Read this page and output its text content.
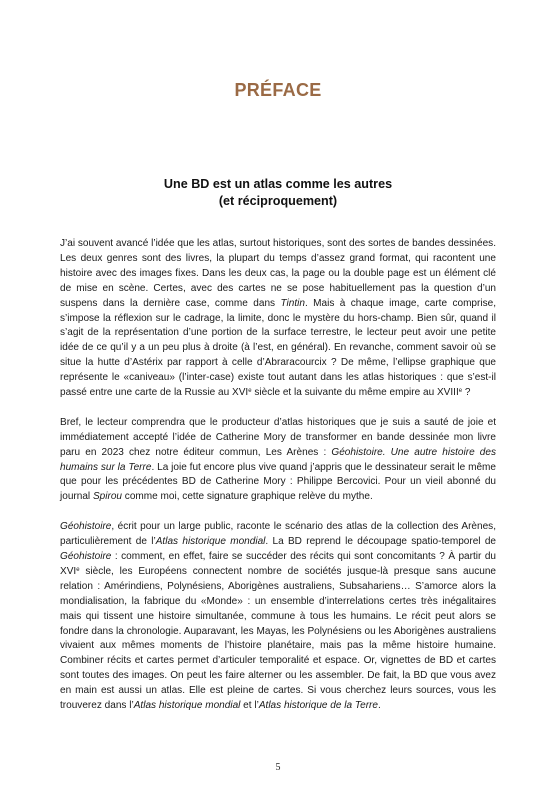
PRÉFACE
Une BD est un atlas comme les autres
(et réciproquement)

J’ai souvent avancé l’idée que les atlas, surtout historiques, sont des sortes de bandes dessinées. Les deux genres sont des livres, la plupart du temps d’assez grand format, qui racontent une histoire avec des images fixes. Dans les deux cas, la page ou la double page est un élément clé de mise en scène. Certes, avec des cartes ne se pose habituellement pas la question d’un suspens dans la dernière case, comme dans Tintin. Mais à chaque image, carte comprise, s’impose la réflexion sur le cadrage, la limite, donc le mystère du hors-champ. Bien sûr, quand il s’agit de la représentation d’une portion de la surface terrestre, le lecteur peut avoir une petite idée de ce qu’il y a un peu plus à droite (à l’est, en général). En revanche, comment savoir où se situe la hutte d’Astérix par rapport à celle d’Abraracourcix ? De même, l’ellipse graphique que représente le «caniveau» (l’inter-case) existe tout autant dans les atlas historiques : que s’est-il passé entre une carte de la Russie au XVIe siècle et la suivante du même empire au XVIIIe ?

Bref, le lecteur comprendra que le producteur d’atlas historiques que je suis a sauté de joie et immédiatement accepté l’idée de Catherine Mory de transformer en bande dessinée mon livre paru en 2023 chez notre éditeur commun, Les Arènes : Géohistoire. Une autre histoire des humains sur la Terre. La joie fut encore plus vive quand j’appris que le dessinateur serait le même que pour les précédentes BD de Catherine Mory : Philippe Bercovici. Pour un vieil abonné du journal Spirou comme moi, cette signature graphique relève du mythe.

Géohistoire, écrit pour un large public, raconte le scénario des atlas de la collection des Arènes, particulièrement de l’Atlas historique mondial. La BD reprend le découpage spatio-temporel de Géohistoire : comment, en effet, faire se succéder des récits qui sont concomitants ? À partir du XVIe siècle, les Européens connectent nombre de sociétés jusque-là presque sans aucune relation : Amérindiens, Polynésiens, Aborigènes australiens, Subsahariens… S’amorce alors la mondialisation, la fabrique du «Monde» : un ensemble d’interrelations certes très inégalitaires mais qui tissent une histoire simultanée, commune à tous les humains. Le récit peut alors se fondre dans la chronologie. Auparavant, les Mayas, les Polynésiens ou les Aborigènes australiens vivaient aux mêmes moments de l’histoire planétaire, mais pas la même histoire humaine. Combiner récits et cartes permet d’articuler temporalité et espace. Or, vignettes de BD et cartes sont toutes des images. On peut les faire alterner ou les assembler. De fait, la BD que vous avez en main est aussi un atlas. Elle est pleine de cartes. Si vous cherchez leurs sources, vous les trouverez dans l’Atlas historique mondial et l’Atlas historique de la Terre.

5
